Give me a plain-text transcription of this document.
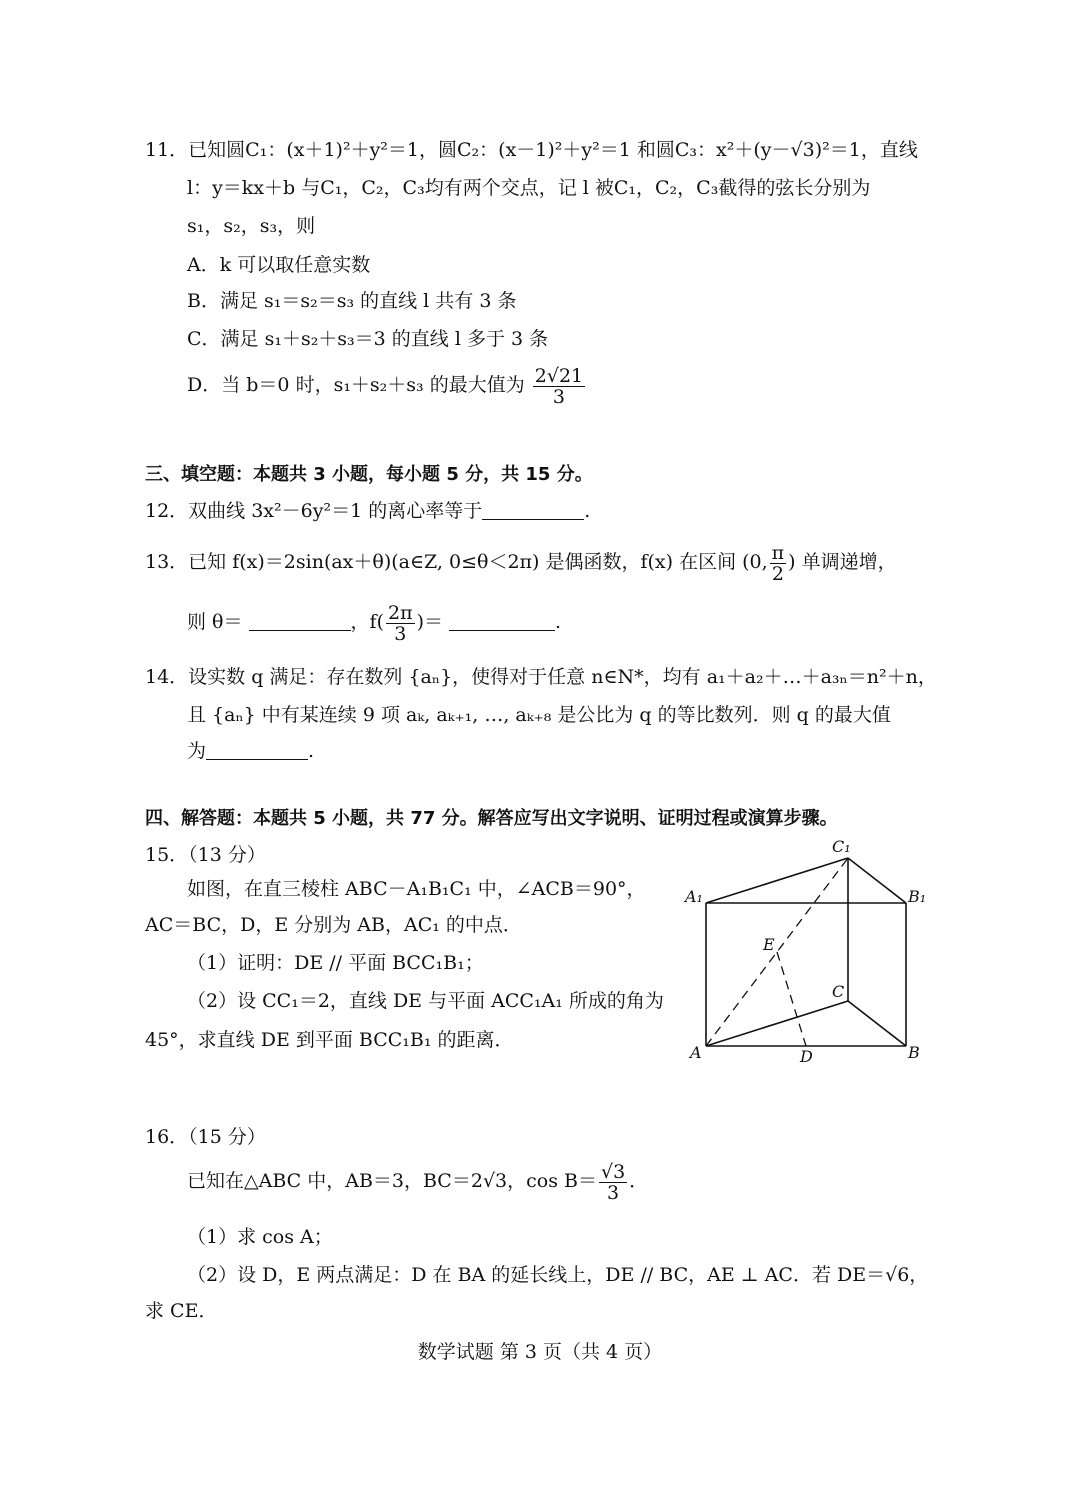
11．已知圆C₁：(x＋1)²＋y²＝1，圆C₂：(x－1)²＋y²＝1 和圆C₃：x²＋(y－√3)²＝1，直线
l：y＝kx＋b 与C₁，C₂，C₃均有两个交点，记 l 被C₁，C₂，C₃截得的弦长分别为
s₁，s₂，s₃，则
A．k 可以取任意实数
B．满足 s₁＝s₂＝s₃ 的直线 l 共有 3 条
C．满足 s₁＋s₂＋s₃＝3 的直线 l 多于 3 条
D．当 b＝0 时，s₁＋s₂＋s₃ 的最大值为 $\frac{2√21}{3}$
三、填空题：本题共 3 小题，每小题 5 分，共 15 分。
12．双曲线 3x²－6y²＝1 的离心率等于	.
13．已知 f(x)＝2sin(ax＋θ)(a∈Z, 0≤θ＜2π) 是偶函数，f(x) 在区间 (0, $\frac{\pi}{2}$ ) 单调递增，
则 θ＝	，$f( \frac{2\pi}{3}$ )＝	.
14．设实数 q 满足：存在数列 {aₙ}，使得对于任意 n∈N*，均有 a₁＋a₂＋…＋a₃ₙ＝n²＋n，
且 {aₙ} 中有某连续 9 项 aₖ, aₖ₊₁, …, aₖ₊₈ 是公比为 q 的等比数列．则 q 的最大值
为	.
四、解答题：本题共 5 小题，共 77 分。解答应写出文字说明、证明过程或演算步骤。
15．（13 分）
如图，在直三棱柱 ABC－A₁B₁C₁ 中，∠ACB＝90°，
AC＝BC，D，E 分别为 AB，AC₁ 的中点．
（1）证明：DE // 平面 BCC₁B₁；
（2）设 CC₁＝2，直线 DE 与平面 ACC₁A₁ 所成的角为
45°，求直线 DE 到平面 BCC₁B₁ 的距离．
C₁
A₁	B₁
E
C
A	D	B
16．（15 分）
已知在△ABC 中，AB＝3，BC＝2√3，$\cos B= \frac{√3}{3}$ ．
（1）求 cos A；
（2）设 D，E 两点满足：D 在 BA 的延长线上，DE // BC，AE ⊥ AC．若 DE＝√6，
求 CE．
数学试题 第 3 页（共 4 页）
